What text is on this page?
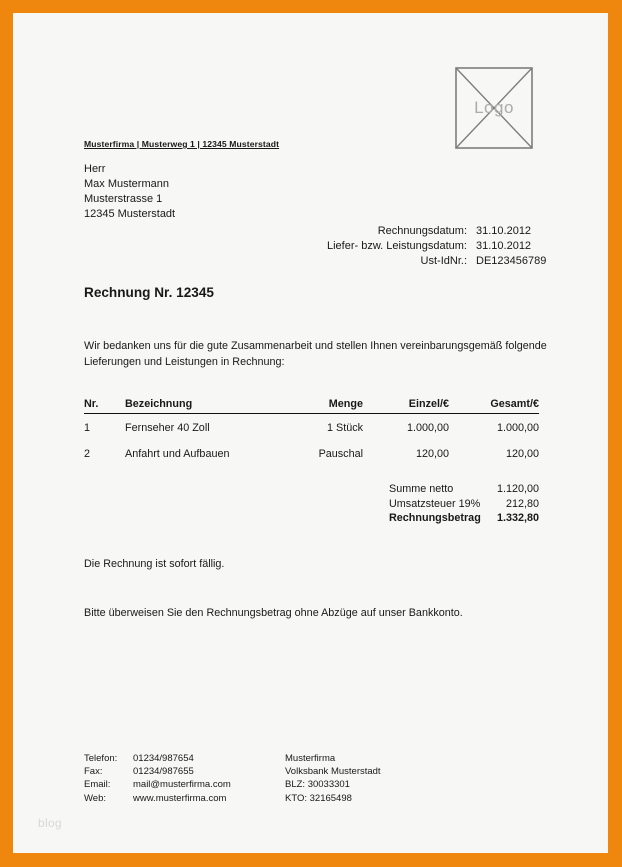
Logo
Musterfirma | Musterweg 1 | 12345 Musterstadt
Herr
Max Mustermann
Musterstrasse 1
12345 Musterstadt
Rechnungsdatum: 31.10.2012
Liefer- bzw. Leistungsdatum: 31.10.2012
Ust-IdNr.: DE123456789
Rechnung Nr. 12345
Wir bedanken uns für die gute Zusammenarbeit und stellen Ihnen vereinbarungsgemäß folgende
Lieferungen und Leistungen in Rechnung:
Nr.	Bezeichnung	Menge	Einzel/€	Gesamt/€
1	Fernseher 40 Zoll	1 Stück	1.000,00	1.000,00
2	Anfahrt und Aufbauen	Pauschal	120,00	120,00
Summe netto	1.120,00
Umsatzsteuer 19%	212,80
Rechnungsbetrag	1.332,80
Die Rechnung ist sofort fällig.
Bitte überweisen Sie den Rechnungsbetrag ohne Abzüge auf unser Bankkonto.
Telefon:	01234/987654
Fax:	01234/987655
Email:	mail@musterfirma.com
Web:	www.musterfirma.com
Musterfirma
Volksbank Musterstadt
BLZ: 30033301
KTO: 32165498
blog
